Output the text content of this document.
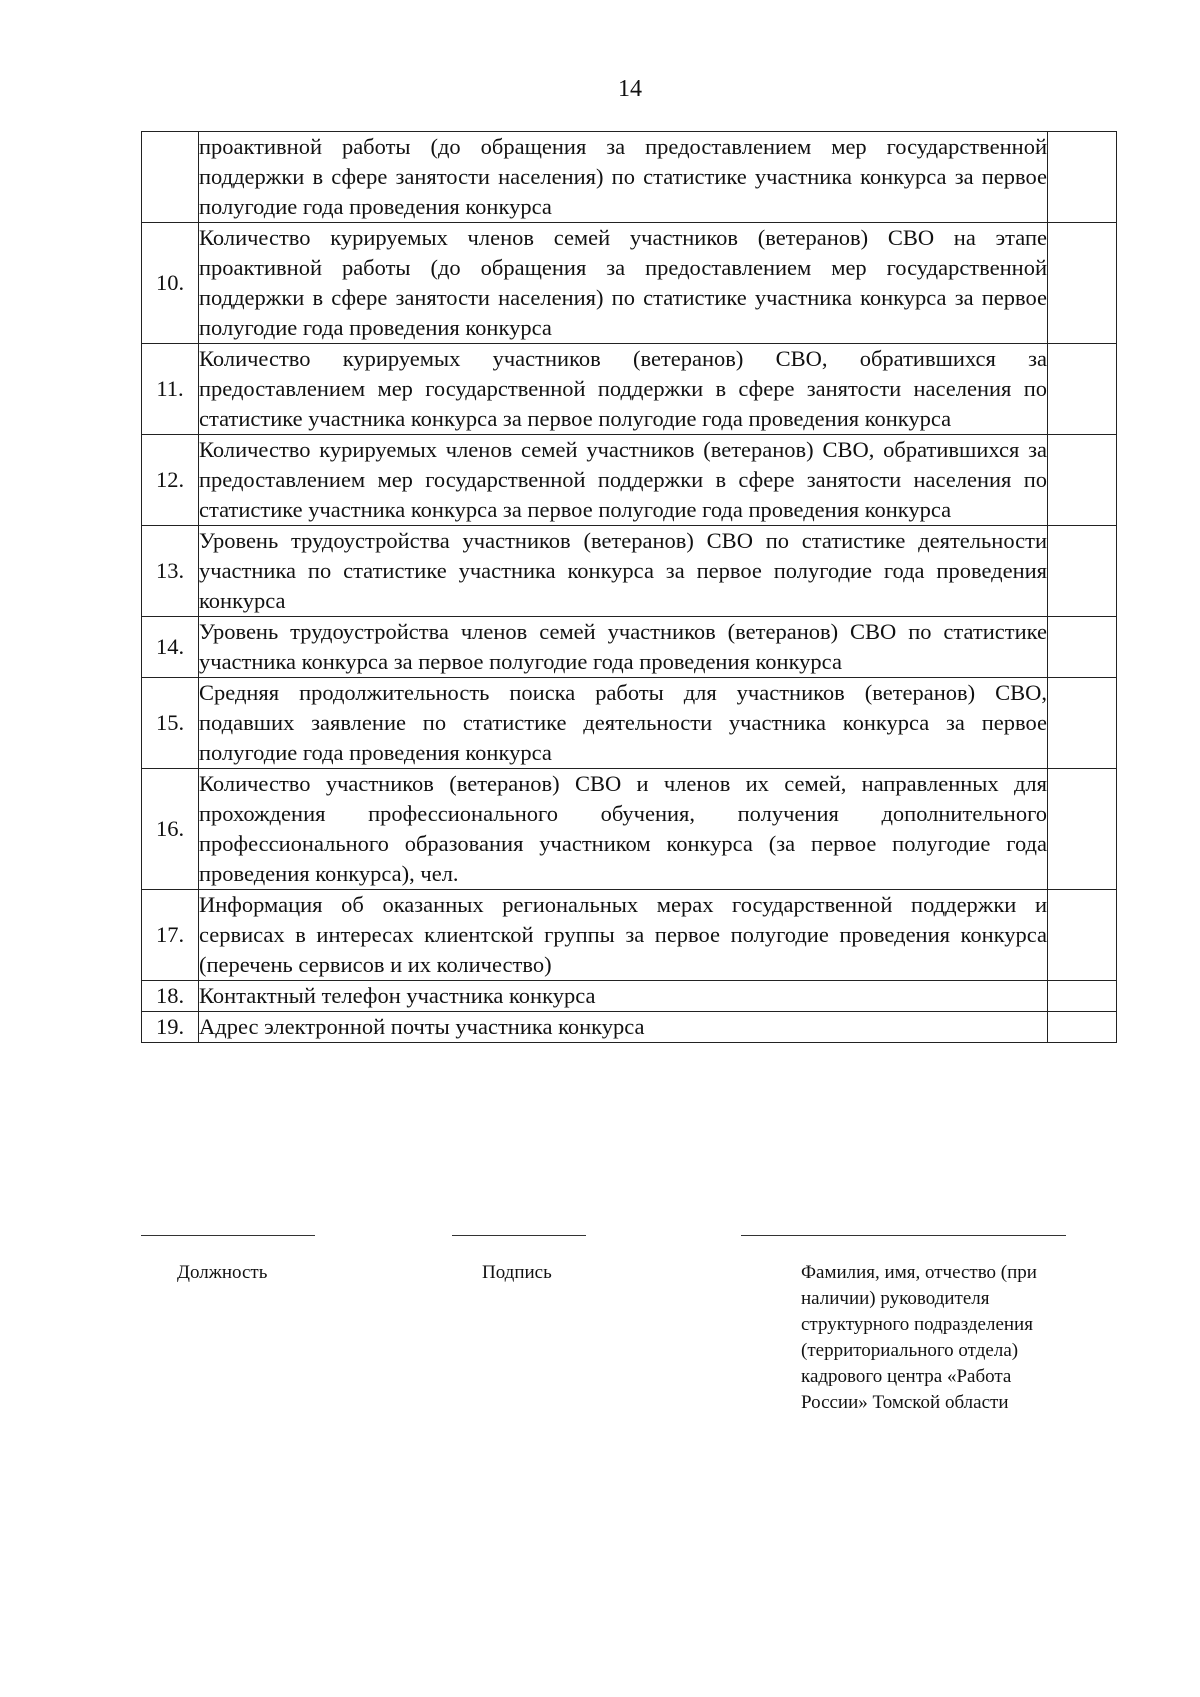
14
	проактивной работы (до обращения за предоставлением мер государственной поддержки в сфере занятости населения) по статистике участника конкурса за первое полугодие года проведения конкурса	
10.	Количество курируемых членов семей участников (ветеранов) СВО на этапе проактивной работы (до обращения за предоставлением мер государственной поддержки в сфере занятости населения) по статистике участника конкурса за первое полугодие года проведения конкурса	
11.	Количество курируемых участников (ветеранов) СВО, обратившихся за предоставлением мер государственной поддержки в сфере занятости населения по статистике участника конкурса за первое полугодие года проведения конкурса	
12.	Количество курируемых членов семей участников (ветеранов) СВО, обратившихся за предоставлением мер государственной поддержки в сфере занятости населения по статистике участника конкурса за первое полугодие года проведения конкурса	
13.	Уровень трудоустройства участников (ветеранов) СВО по статистике деятельности участника по статистике участника конкурса за первое полугодие года проведения конкурса	
14.	Уровень трудоустройства членов семей участников (ветеранов) СВО по статистике участника конкурса за первое полугодие года проведения конкурса	
15.	Средняя продолжительность поиска работы для участников (ветеранов) СВО, подавших заявление по статистике деятельности участника конкурса за первое полугодие года проведения конкурса	
16.	Количество участников (ветеранов) СВО и членов их семей, направленных для прохождения профессионального обучения, получения дополнительного профессионального образования участником конкурса (за первое полугодие года проведения конкурса), чел.	
17.	Информация об оказанных региональных мерах государственной поддержки и сервисах в интересах клиентской группы за первое полугодие проведения конкурса (перечень сервисов и их количество)	
18.	Контактный телефон участника конкурса	
19.	Адрес электронной почты участника конкурса	
Должность	Подпись	Фамилия, имя, отчество (при
наличии) руководителя
структурного подразделения
(территориального отдела)
кадрового центра «Работа
России» Томской области
